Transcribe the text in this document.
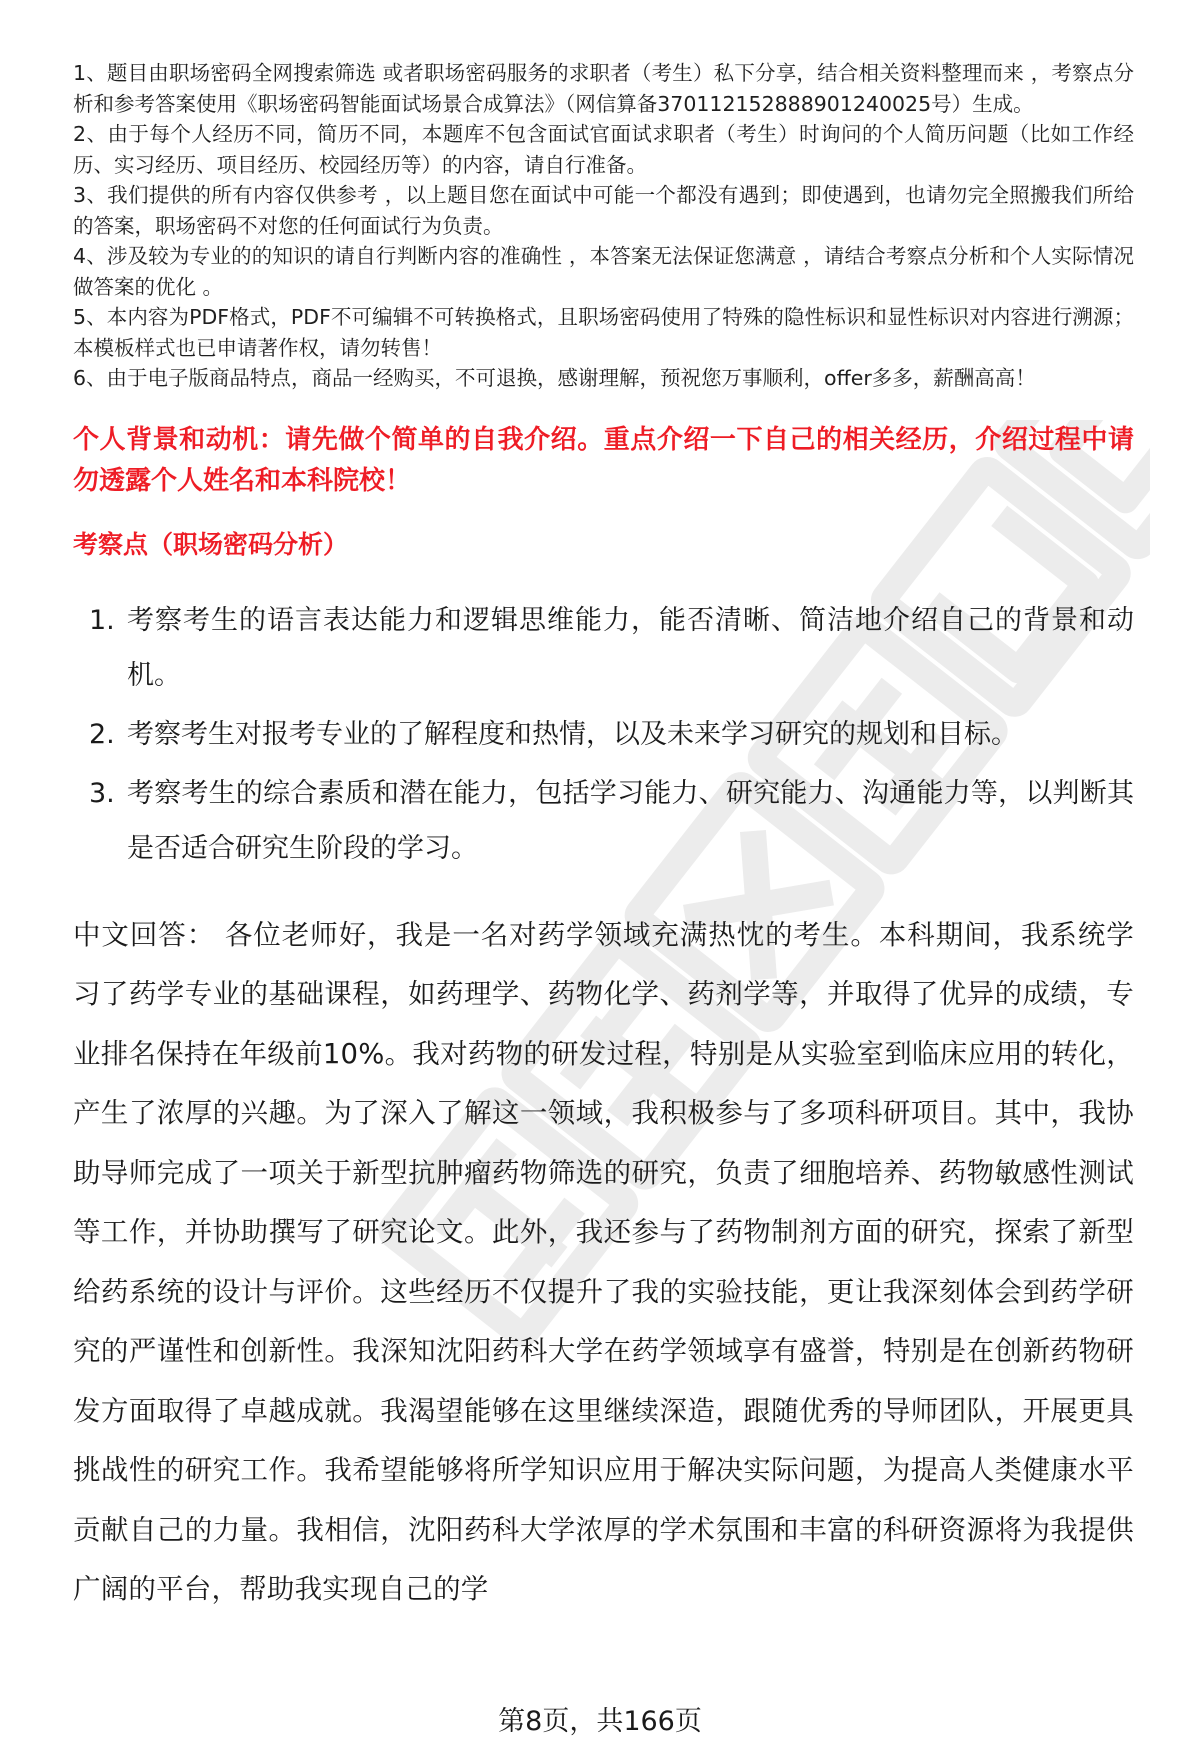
1、题目由职场密码全网搜索筛选 或者职场密码服务的求职者（考生）私下分享，结合相关资料整理而来 ，考察点分析和参考答案使用《职场密码智能面试场景合成算法》（网信算备370112152888901240025号）生成。

2、由于每个人经历不同，简历不同，本题库不包含面试官面试求职者（考生）时询问的个人简历问题（比如工作经历、实习经历、项目经历、校园经历等）的内容，请自行准备。

3、我们提供的所有内容仅供参考 ，以上题目您在面试中可能一个都没有遇到；即使遇到，也请勿完全照搬我们所给的答案，职场密码不对您的任何面试行为负责。

4、涉及较为专业的的知识的请自行判断内容的准确性 ，本答案无法保证您满意 ，请结合考察点分析和个人实际情况做答案的优化 。

5、本内容为PDF格式，PDF不可编辑不可转换格式，且职场密码使用了特殊的隐性标识和显性标识对内容进行溯源；本模板样式也已申请著作权，请勿转售！

6、由于电子版商品特点，商品一经购买，不可退换，感谢理解，预祝您万事顺利，offer多多，薪酬高高！

个人背景和动机：请先做个简单的自我介绍。重点介绍一下自己的相关经历，介绍过程中请勿透露个人姓名和本科院校！
考察点（职场密码分析）
1. 考察考生的语言表达能力和逻辑思维能力，能否清晰、简洁地介绍自己的背景和动机。
2. 考察考生对报考专业的了解程度和热情，以及未来学习研究的规划和目标。
3. 考察考生的综合素质和潜在能力，包括学习能力、研究能力、沟通能力等，以判断其是否适合研究生阶段的学习。
中文回答： 各位老师好，我是一名对药学领域充满热忱的考生。本科期间，我系统学习了药学专业的基础课程，如药理学、药物化学、药剂学等，并取得了优异的成绩，专业排名保持在年级前10%。我对药物的研发过程，特别是从实验室到临床应用的转化，产生了浓厚的兴趣。为了深入了解这一领域，我积极参与了多项科研项目。其中，我协助导师完成了一项关于新型抗肿瘤药物筛选的研究，负责了细胞培养、药物敏感性测试等工作，并协助撰写了研究论文。此外，我还参与了药物制剂方面的研究，探索了新型给药系统的设计与评价。这些经历不仅提升了我的实验技能，更让我深刻体会到药学研究的严谨性和创新性。我深知沈阳药科大学在药学领域享有盛誉，特别是在创新药物研发方面取得了卓越成就。我渴望能够在这里继续深造，跟随优秀的导师团队，开展更具挑战性的研究工作。我希望能够将所学知识应用于解决实际问题，为提高人类健康水平贡献自己的力量。我相信，沈阳药科大学浓厚的学术氛围和丰富的科研资源将为我提供广阔的平台，帮助我实现自己的学
第8页，共166页
